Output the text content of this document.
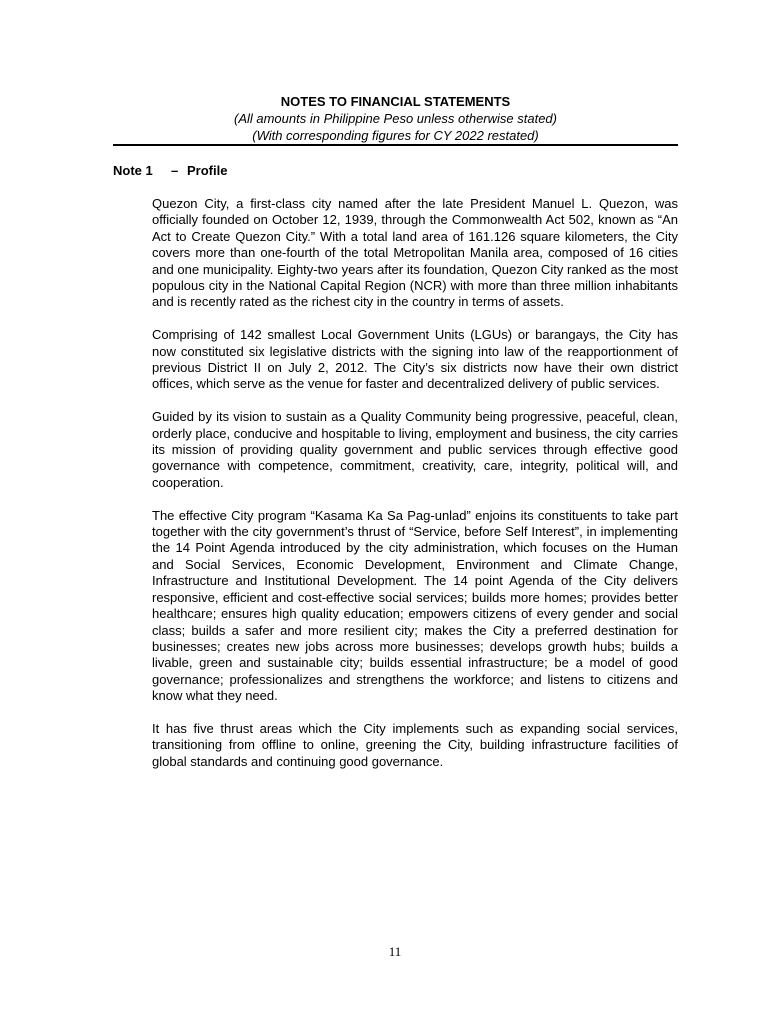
NOTES TO FINANCIAL STATEMENTS
(All amounts in Philippine Peso unless otherwise stated)
(With corresponding figures for CY 2022 restated)
Note 1 – Profile

Quezon City, a first-class city named after the late President Manuel L. Quezon, was officially founded on October 12, 1939, through the Commonwealth Act 502, known as “An Act to Create Quezon City.” With a total land area of 161.126 square kilometers, the City covers more than one-fourth of the total Metropolitan Manila area, composed of 16 cities and one municipality. Eighty-two years after its foundation, Quezon City ranked as the most populous city in the National Capital Region (NCR) with more than three million inhabitants and is recently rated as the richest city in the country in terms of assets.

Comprising of 142 smallest Local Government Units (LGUs) or barangays, the City has now constituted six legislative districts with the signing into law of the reapportionment of previous District II on July 2, 2012. The City’s six districts now have their own district offices, which serve as the venue for faster and decentralized delivery of public services.

Guided by its vision to sustain as a Quality Community being progressive, peaceful, clean, orderly place, conducive and hospitable to living, employment and business, the city carries its mission of providing quality government and public services through effective good governance with competence, commitment, creativity, care, integrity, political will, and cooperation.

The effective City program “Kasama Ka Sa Pag-unlad” enjoins its constituents to take part together with the city government’s thrust of “Service, before Self Interest”, in implementing the 14 Point Agenda introduced by the city administration, which focuses on the Human and Social Services, Economic Development, Environment and Climate Change, Infrastructure and Institutional Development. The 14 point Agenda of the City delivers responsive, efficient and cost-effective social services; builds more homes; provides better healthcare; ensures high quality education; empowers citizens of every gender and social class; builds a safer and more resilient city; makes the City a preferred destination for businesses; creates new jobs across more businesses; develops growth hubs; builds a livable, green and sustainable city; builds essential infrastructure; be a model of good governance; professionalizes and strengthens the workforce; and listens to citizens and know what they need.

It has five thrust areas which the City implements such as expanding social services, transitioning from offline to online, greening the City, building infrastructure facilities of global standards and continuing good governance.

11
